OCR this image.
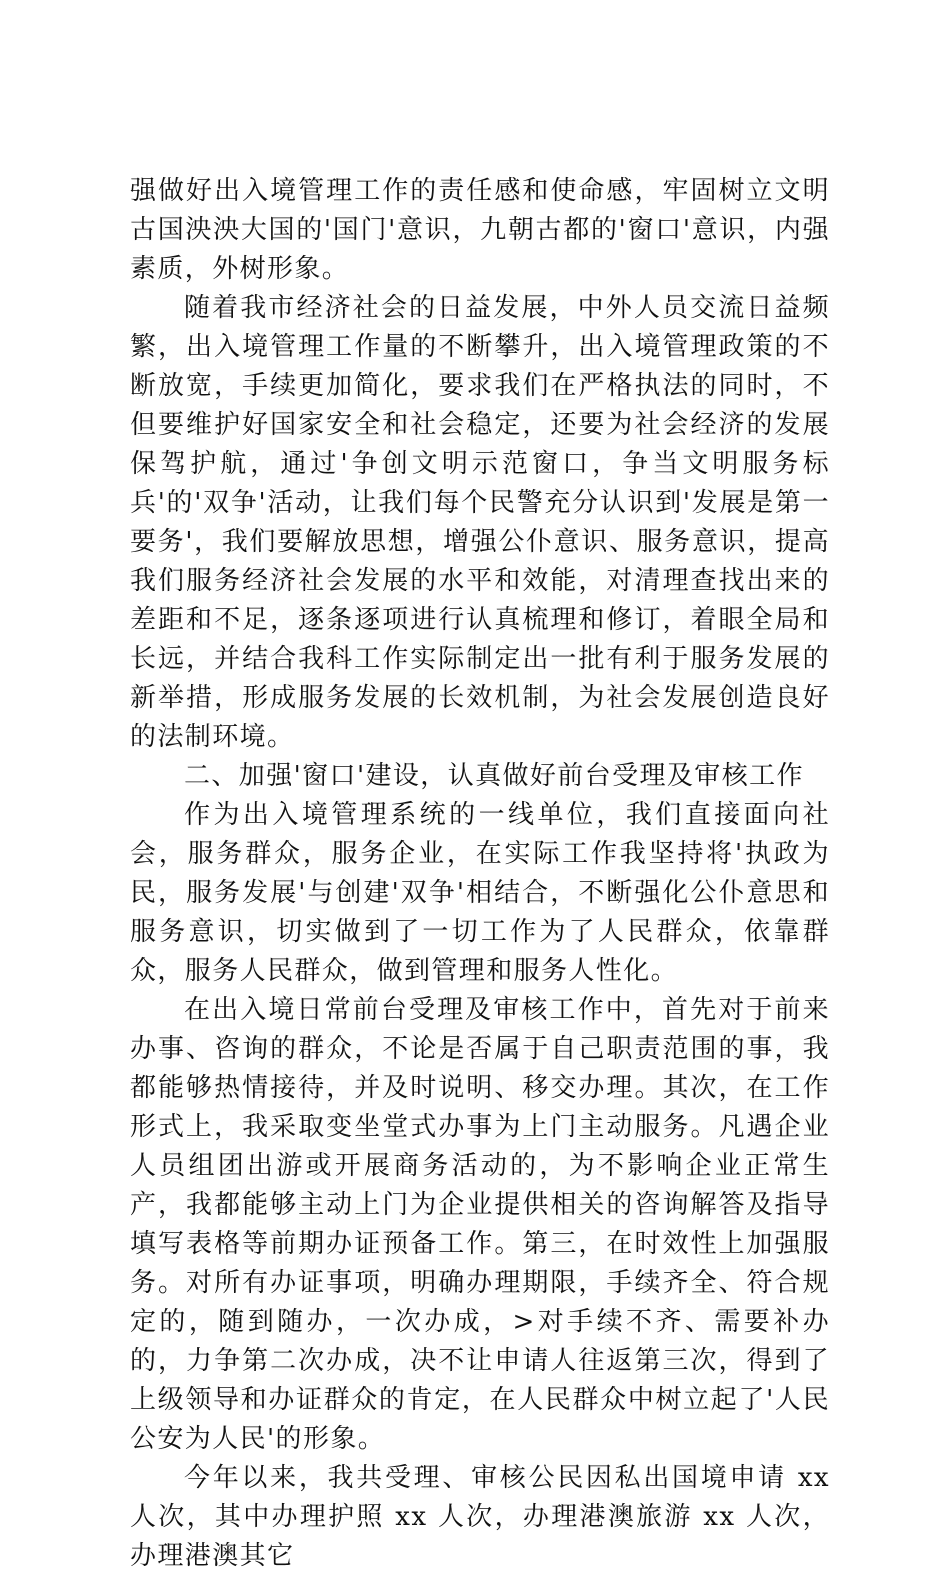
强做好出入境管理工作的责任感和使命感，牢固树立文明古国泱泱大国的'国门'意识，九朝古都的'窗口'意识，内强素质，外树形象。

随着我市经济社会的日益发展，中外人员交流日益频繁，出入境管理工作量的不断攀升，出入境管理政策的不断放宽，手续更加简化，要求我们在严格执法的同时，不但要维护好国家安全和社会稳定，还要为社会经济的发展保驾护航，通过'争创文明示范窗口，争当文明服务标兵'的'双争'活动，让我们每个民警充分认识到'发展是第一要务'，我们要解放思想，增强公仆意识、服务意识，提高我们服务经济社会发展的水平和效能，对清理查找出来的差距和不足，逐条逐项进行认真梳理和修订，着眼全局和长远，并结合我科工作实际制定出一批有利于服务发展的新举措，形成服务发展的长效机制，为社会发展创造良好的法制环境。

二、加强'窗口'建设，认真做好前台受理及审核工作

作为出入境管理系统的一线单位，我们直接面向社会，服务群众，服务企业，在实际工作我坚持将'执政为民，服务发展'与创建'双争'相结合，不断强化公仆意思和服务意识，切实做到了一切工作为了人民群众，依靠群众，服务人民群众，做到管理和服务人性化。

在出入境日常前台受理及审核工作中，首先对于前来办事、咨询的群众，不论是否属于自己职责范围的事，我都能够热情接待，并及时说明、移交办理。其次，在工作形式上，我采取变坐堂式办事为上门主动服务。凡遇企业人员组团出游或开展商务活动的，为不影响企业正常生产，我都能够主动上门为企业提供相关的咨询解答及指导填写表格等前期办证预备工作。第三，在时效性上加强服务。对所有办证事项，明确办理期限，手续齐全、符合规定的，随到随办，一次办成，>对手续不齐、需要补办的，力争第二次办成，决不让申请人往返第三次，得到了上级领导和办证群众的肯定，在人民群众中树立起了'人民公安为人民'的形象。

今年以来，我共受理、审核公民因私出国境申请 xx 人次，其中办理护照 xx 人次，办理港澳旅游 xx 人次，办理港澳其它
